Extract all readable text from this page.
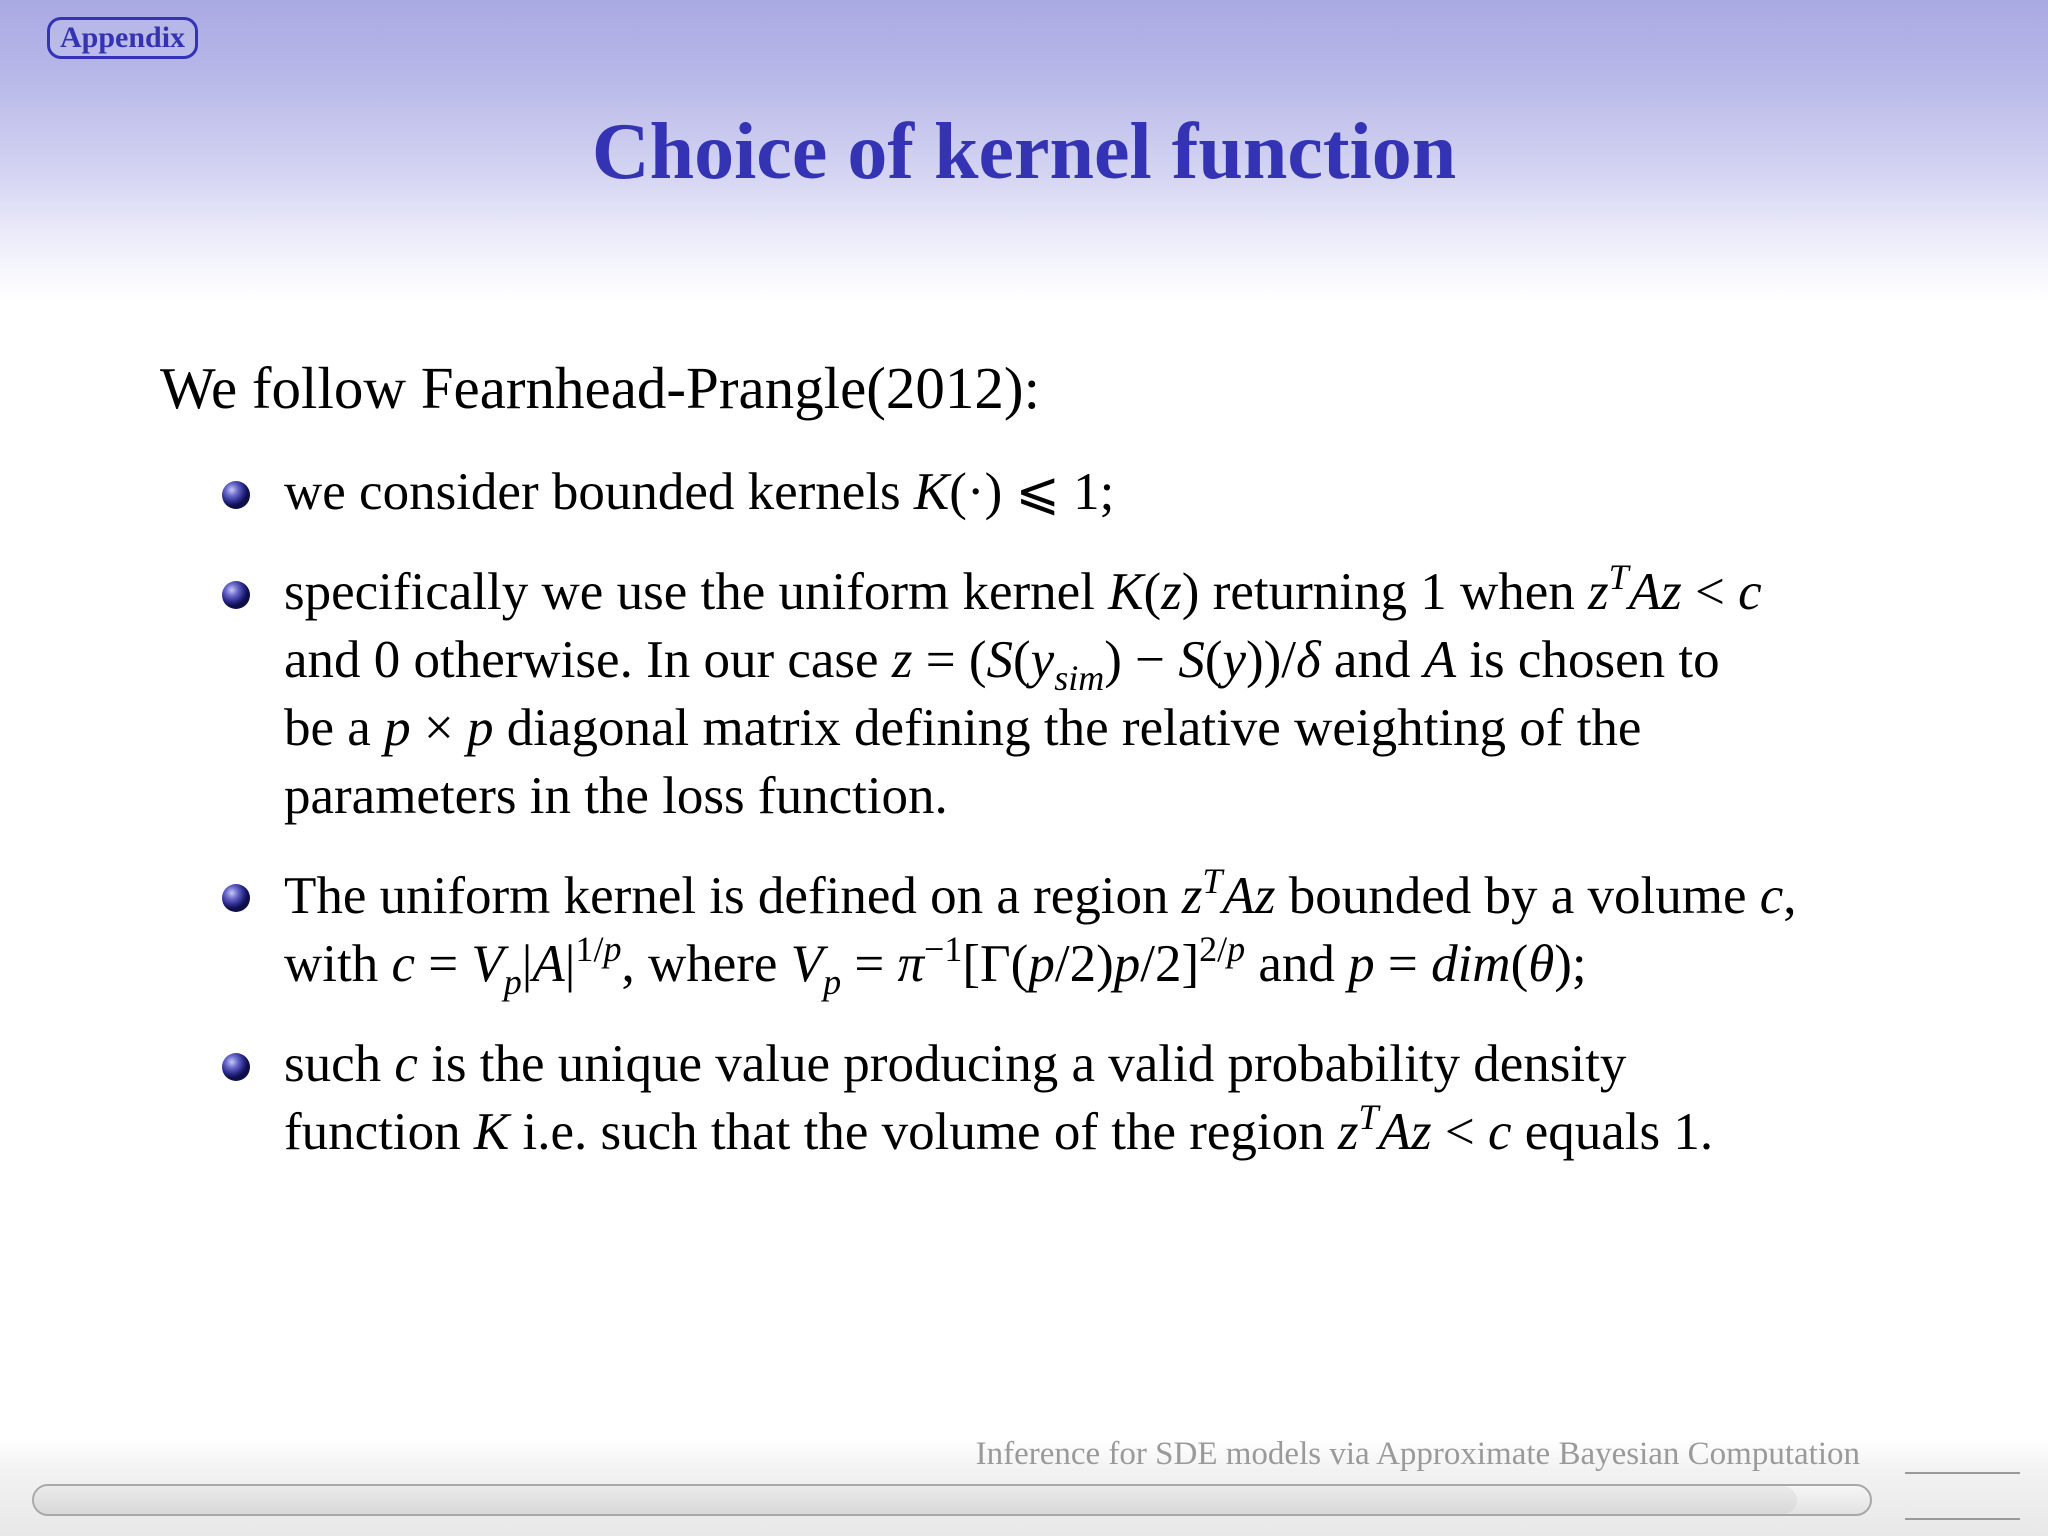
Appendix
Choice of kernel function

We follow Fearnhead-Prangle(2012):

we consider bounded kernels K(·) ⩽ 1;

specifically we use the uniform kernel K(z) returning 1 when $z^TAz < c$

and 0 otherwise. In our case $z = (S(y_{sim}) - S(y))/\delta$ and A is chosen to

be a p × p diagonal matrix defining the relative weighting of the

parameters in the loss function.

The uniform kernel is defined on a region $z^TAz$ bounded by a volume c,

with $c = V_p|A|^{1/p}$, where $V_p = \pi^{-1}[\Gamma(p/2)p/2]^{2/p}$ and p = dim(θ);

such c is the unique value producing a valid probability density

function K i.e. such that the volume of the region $z^TAz < c$ equals 1.

Inference for SDE models via Approximate Bayesian Computation
